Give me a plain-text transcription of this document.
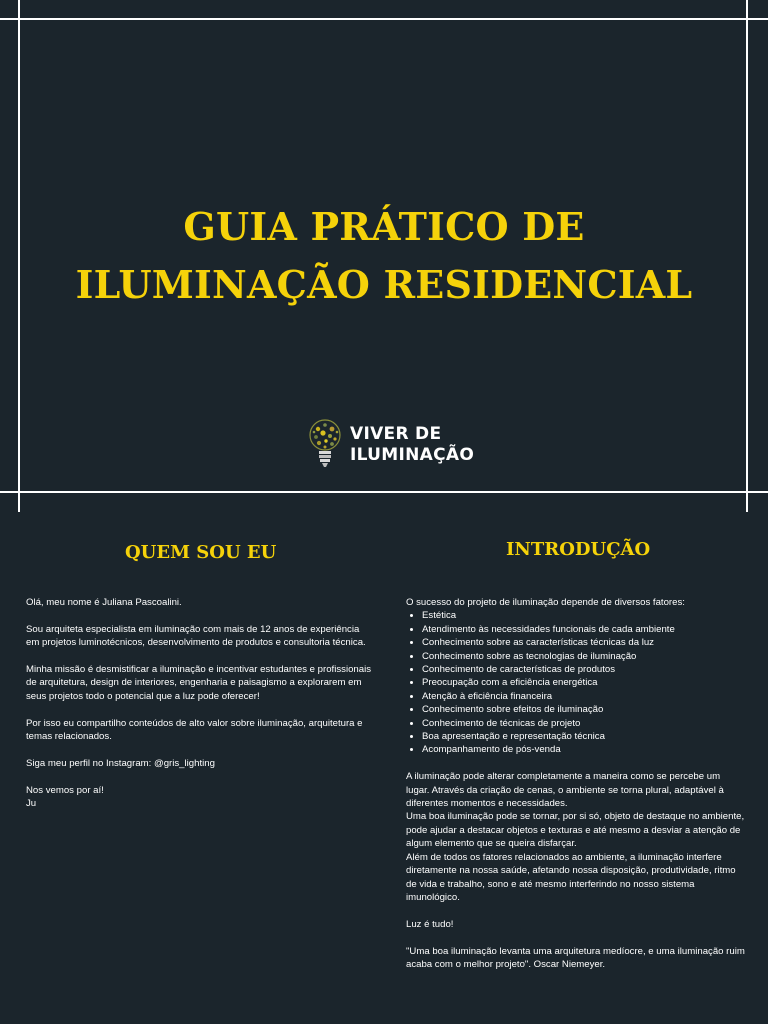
GUIA PRÁTICO DE
ILUMINAÇÃO RESIDENCIAL
VIVER DE
ILUMINAÇÃO
QUEM SOU EU

Olá, meu nome é Juliana Pascoalini.

Sou arquiteta especialista em iluminação com mais de 12 anos de experiência em projetos luminotécnicos, desenvolvimento de produtos e consultoria técnica.

Minha missão é desmistificar a iluminação e incentivar estudantes e profissionais de arquitetura, design de interiores, engenharia e paisagismo a explorarem em seus projetos todo o potencial que a luz pode oferecer!

Por isso eu compartilho conteúdos de alto valor sobre iluminação, arquitetura e temas relacionados.

Siga meu perfil no Instagram: @gris_lighting

Nos vemos por aí!
Ju
INTRODUÇÃO
O sucesso do projeto de iluminação depende de diversos fatores:
• Estética
• Atendimento às necessidades funcionais de cada ambiente
• Conhecimento sobre as características técnicas da luz
• Conhecimento sobre as tecnologias de iluminação
• Conhecimento de características de produtos
• Preocupação com a eficiência energética
• Atenção à eficiência financeira
• Conhecimento sobre efeitos de iluminação
• Conhecimento de técnicas de projeto
• Boa apresentação e representação técnica
• Acompanhamento de pós-venda
A iluminação pode alterar completamente a maneira como se percebe um lugar. Através da criação de cenas, o ambiente se torna plural, adaptável à diferentes momentos e necessidades.
Uma boa iluminação pode se tornar, por si só, objeto de destaque no ambiente, pode ajudar a destacar objetos e texturas e até mesmo a desviar a atenção de algum elemento que se queira disfarçar.

Além de todos os fatores relacionados ao ambiente, a iluminação interfere diretamente na nossa saúde, afetando nossa disposição, produtividade, ritmo de vida e trabalho, sono e até mesmo interferindo no nosso sistema imunológico.

Luz é tudo!

"Uma boa iluminação levanta uma arquitetura medíocre, e uma iluminação ruim acaba com o melhor projeto". Oscar Niemeyer.
